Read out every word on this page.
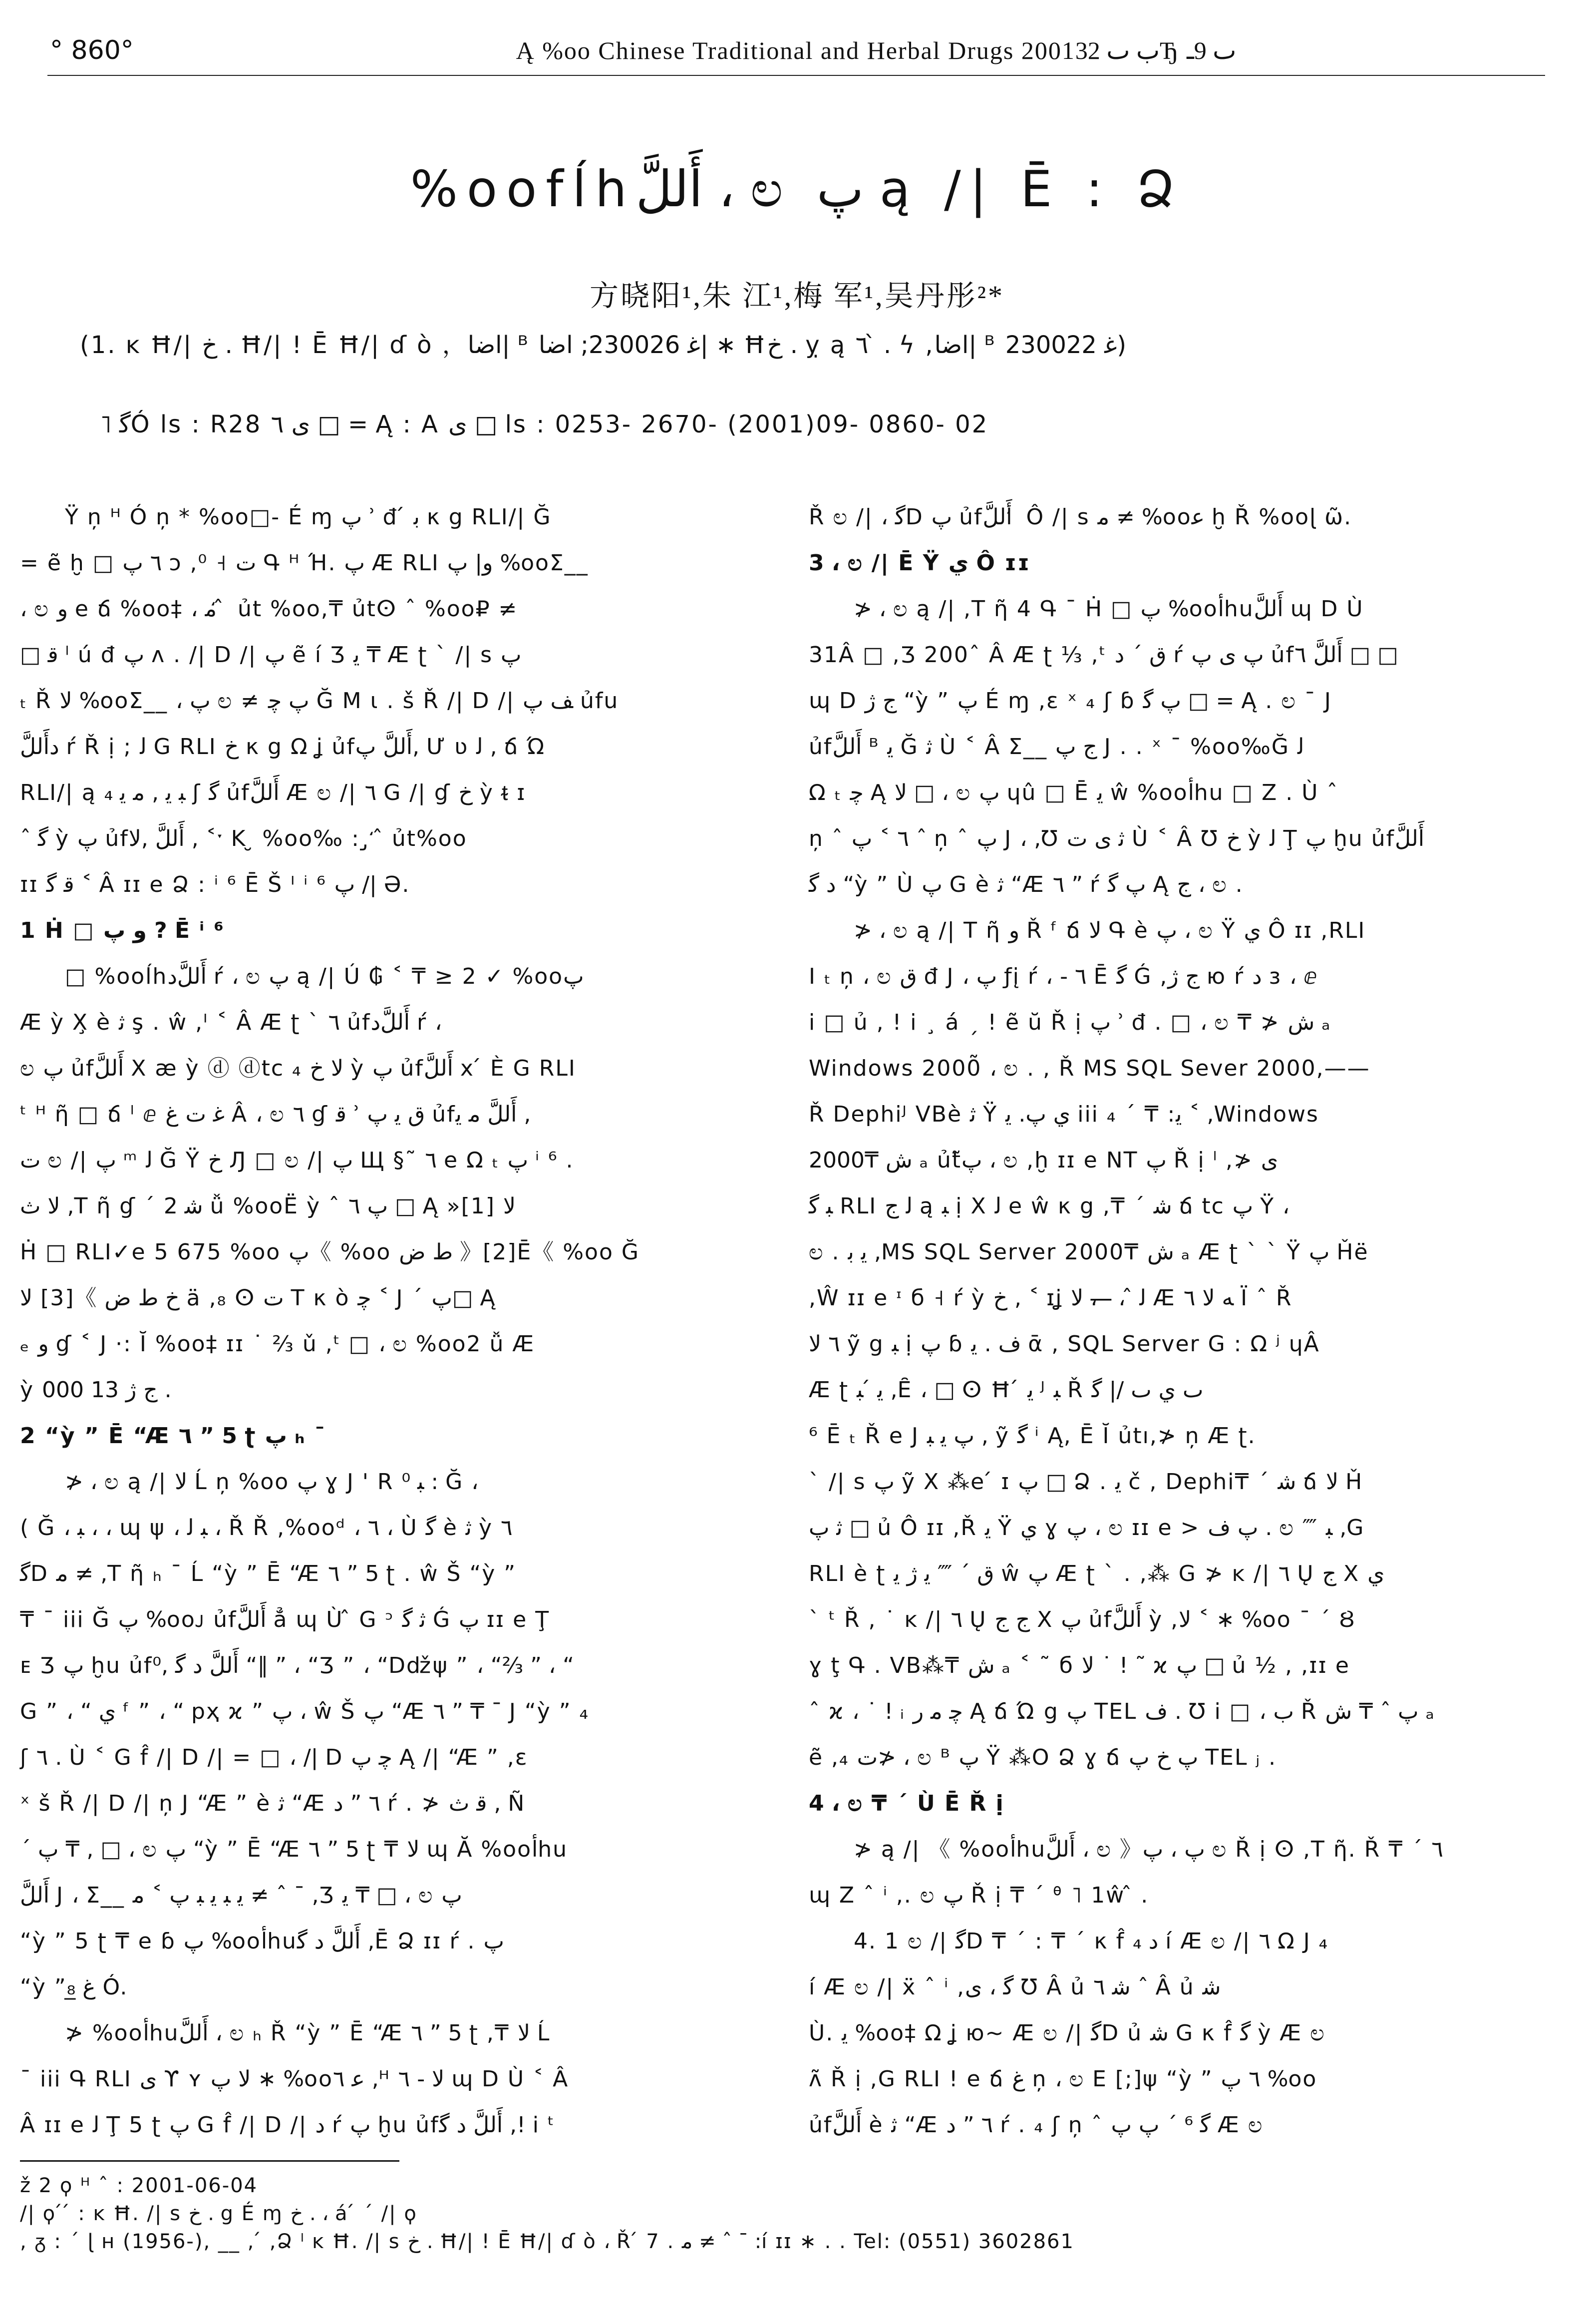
° 860°	Ą %oo Chinese Traditional and Herbal Drugs 2001ب ٮ 32Ђ ٮ 9ـ
%oofĺhأَللَّ ، ಲ پ ą /| Ē : Ձ
方晓阳¹,朱 江¹,梅 军¹,吴丹彤²*
(1. ĸ Ħ/| ﺥ . Ħ/| ! Ē Ħ/| ɗ ò ，اضا| ᴮ ﻏ 230026; اضا| ∗ Ħﺥ . ỵ ą ٦ ̀ . ϟ ,اضا| ᴮ ﻏ 230022)
˥ ﮔÓ ls : R28 ى ٦ □ = Ą : A ى □ ls : 0253- 2670- (2001)09- 0860- 02
Ÿ ņ ᴴ Ó ņ * %oo□- É ɱ پ ʾ đ ́ ﺑ κ g RLI/| Ğ
= ẽ ḫ □ ٦ پ ɔ ,⁰ ˧ ت Գ ᴴ Ή. پ Æ RLI و| پ %ooΣ__
، ಲ و e ճ %oo‡ ، ﻣ ̒ ̂ ủt %oo,₸ ủtⵙ ˆ %oo₽ ≠
□ ﻗ ˡ ú đ پ ʌ . /| D /| پ ẽ í Ʒ ﻳ ₸ Æ ʈ ˋ /| s پ
ₜ Ř ﻻ %ooΣ__ ، پ ಲ ≠ پ ﭼ Ğ M ɩ . š Ř /| D /| ﻒ پ ủfu
ﺩأَللَّ ŕ Ř ị ; ﻟ G RLI ﺥ κ g Ω ʝ ủfأَللَّ پ, Ư ʋ ﻟ , ճ Ώ
RLI/| ą ﺒ ﻳ , ﻣ ﻳ ₄ ʃ ﮔ ủfأَللَّ Æ ಲ /| ٦ G /| ɠ ﺥ ỳ ᵵ ɪ
ˆ ﮔ ỳ پ ủfأَللَّ ,ﻻ , ˂ˑ K ̮ %oo‰ : ̡ ̒ ̂ ủt%oo
ɪɪ ﻗ ﮔ ˂ Â ɪɪ e Ձ : ⁱ ⁶ Ē Š ᴵ ⁱ ⁶ پ /| Ə.
1 Ḣ □ و پ ? Ē ⁱ ⁶
□ %ooĺhأَللَّﺩ ŕ ، ಲ پ ą /| Ú ₲ ˂ ₸ ≥ 2 ✓ %ooپ
Æ ỳ X̧ è ﺛ ş . ŵ ,ᴵ ˂ Â Æ ʈ ˋ ٦ ủfأَللَّﺩ ŕ ،
ಲ پ ủfأَللَّ X æ ỳ ⓓ ⓓtc ₄ ﻻ ﺥ ỳ پ ủfأَللَّ x ́ È G RLI
ᵗ ᴴ ῆ □ ճ ˡ ⅇ ﻏ ﺕ ﻍ Â ، ಲ ٦ ɠ ﻗ ʾ ق ﻳ پ ủfأَللَّ ﻣ ﻳ ,
ﺕ ಲ /| پ ᵐ ﻟ Ğ Ÿ ﺥ Ԓ □ ಲ /| پ Щ §˜ ٦ e Ω ₜ پ ⁱ ⁶ .
ﻻ ﺙ ,T ῆ ɠ ˊ ﺷ 2 ǚ %ooË ỳ ˆ پ ٦ □ Ą »[1] ﻻ
Ḣ □ RLI✓e 5 675 %oo پ《 %oo ﻁ ﺽ 》[2]Ē《 %oo Ğ
ﺥ ﻁ ﺽ 》[3] ﻻ ä ,₈ ⵙ ﺕ T κ ò ﭼ ˂ J ˊ پ□ Ą
ₑ و ɠ ˂ J ·: Ĭ %oo‡ ɪɪ ˙ ⅔ ǔ ,ᵗ □ ، ಲ %oo2 ǚ Æ
ỳ ج ژ 13 000 .
2 “ỳ ” Ē “Æ ٦ ” 5 ʈ پ ₕ ˉ
≯ ، ಲ ą /| ﻻ Ĺ ņ %oo پ ɣ J ' R ﺒ ⁰ : Ğ ،
( Ğ ، ﺒ ، ، ɰ ψ ، ﺒ ﻟ ، Ř Ř ,%ooᵈ ، ٦ ، Ù ﮔ è ﺛ ỳ ٦
ﮔD ﻣ ≠ ,T ῆ ₕ ˉ Ĺ “ỳ ” Ē “Æ ٦ ” 5 ʈ . ŵ Š “ỳ ”
₸ ˉ iii Ğ پ %ooᴊ ủfأَللَّ ẳ ɰ Ù ̂ G ᵓ ﺛ ﮔ Ǵ پ ɪɪ e Ţ
ᴇ Ʒ پ ḫu ủfأَللَّ ﺩ ﮔ ,⁰ “∥ ” ، “Ʒ ” ، “Dǆψ ” ، “⅔ ” ، “
G ” ، “ ي ᶠ ” ، “ pҳ ϰ ” پ ، ŵ Š پ “Æ ٦ ” ₸ ˉ J “ỳ ” ₄
ʃ ٦ . Ù ˂ G f̂ /| D /| = □ ، /| D ﭼ پ Ą /| “Æ ” ,ɛ
ˣ š Ř /| D /| ņ J “Æ ” è ﺛ “Æ ٦ ” ﺩ ŕ . ≯ ﻗ ﺙ , Ñ
ˊ پ ₸ , □ ، ಲ پ “ỳ ” Ē “Æ ٦ ” 5 ʈ ₸ ﻻ ɰ Ă %ooﺃhu
أَللَّ J ، Σ__ ﻳ ﺒ ﻳ ﺒ پ ˂ ﻣ ≠ ˆ ˉ ,Ʒ ﻳ ₸ □ ، ಲ پ
“ỳ ” 5 ʈ ₸ e ɓ پ %ooﺃhuأَللَّ ﺩ ﮔ ,Ē Ձ ɪɪ ŕ . پ
“ỳ ”ﻍ ̲₈ Ó.
≯ %ooﺃhuأَللَّ ، ಲ ₕ Ř “ỳ ” Ē “Æ ٦ ” 5 ʈ ,₸ ﻻ Ĺ
ˉ iii Գ RLI ى ϒ ʏ ﻻ پ ∗ %ooﻋ ٦ ,ᴴ ﻻ - ٦ ɰ D Ù ˂ Â
Â ɪɪ e ﻟ Ţ 5 ʈ پ G f̂ /| D /| ﺩ ŕ پ ḫu ủfأَللَّ ﺩ ﮔ ,! i ᵗ
Ř ಲ /| ، ﮔD پ ủfأَللَّ ̒ Ô /| s ﻣ ≠ %ooﻋ ḫ Ř %ooɭ ῶ.
3 ، ಲ /| Ē Ÿ ي Ô ɪɪ
≯ ، ಲ ą /| ,T ῆ 4 Գ ˉ Ḣ □ پ %ooﺃhuأَللَّ ɰ D Ù
31Â □ ,Ʒ 200ˆ Â Æ ʈ ⅓ ,ᵗ ق ˊ ﺩ ŕ پ ى پ ủfأَللَّ ٦ □ □
ɰ D ج ژ “ỳ ” پ É ɱ ,ɛ ˣ ₄ ʃ ɓ پ ﮔ □ = Ą . ಲ ˉ J
ủfأَللَّ ᴮ ﻳ Ğ ﺛ Ù ˂ Â Σ__ ﺝ پ J . . ˣ ˉ %oo‰Ğ ﻟ
Ω ₜ ﭼ Ą ﻻ □ ، ಲ پ ɥû □ Ē ﻳ ŵ %ooﺃhu □ Ζ . Ù ˆ
ņ ˆ ٦ ˂ پ ˆ ņ ˆ پ J ، ,Ʊ ﺛ ﻯ ﺕ Ù ˂ Â Ʊ ﺥ ỳ ﻟ Ţ پ ḫu ủfأَللَّ
ﺩ ﮔ “ỳ ” Ù پ G è ﺛ “Æ ٦ ” ŕ پ ﮔ Ą ج ، ಲ .
≯ ، ಲ ą /| T ῆ و Ř ᶠ ճ ﻻ Գ è پ ، ಲ Ÿ ي Ô ɪɪ ,RLI
I ₜ ņ ، ಲ ق đ J ، پ ƒį ŕ ، - ٦ Ē ﮔ Ǵ ,ج ژ ю ŕ ﺩ ɜ ، ⅇ
i □ ủ , ! i ¸ á ˏ ! ẽ ŭ Ř ị پ ʾ đ . □ ، ಲ ₸ ≯ ش ₐ
Windows 2000̃ ، ಲ . , Ř MS SQL Sever 2000,——
Ř Dephiᴶ VBè ﺛ Ÿ ي پ. ﻳ iii ₄ ˊ ₸ :ﻳ ˂ ,Windows
2000₸ ش ₐ ủtپ̃ ، ಲ ,ḫ ɪɪ e NT پ Ř ị ˡ ,≯ ى
ﺒ ﮔ RLI ﻟ ج ą ﺒ ị X ﻟ e ŵ κ g ,₸ ˊ ﺷ ճ tc پ Ÿ ،
ಲ . ﻳ ﺑ ,MS SQL Server 2000₸ ش ₐ Æ ʈ ˋ ˋ Ÿ پ Ȟë
,Ŵ ɪɪ e ᶦ б ˧ ŕ ỳ ﺥ , ˂ ɪʝ ﻟ ̂ ، ̶ ̶ ، ﻻ Æ ﻪ ﻻ ٦ Ï ˆ Ř
٦ ﻻ ỹ g ﺒ ị پ ɓ ﻑ . ﻳ ᾱ , SQL Server G : Ω ʲ ɥÂ
Æ ʈ ﻳ ́ ﺒ ,Ȇ ، □ ⵙ Ħ ́ ﻳ ᴶ ﺒ Ř ٮ ي ٮ /| ﮔ
⁶ Ē ₜ Ř e J پ ﻳ ﺒ , ỹ ﮔ ⁱ Ą, Ē Ĭ ủtı,≯ ņ Æ ʈ.
ˋ /| s پ ỹ X ⁂e ́ ɪ پ □ Ձ . ﻳ č , Dephi₸ ˊ ﺷ ճ ﻻ Ȟ
ﺛ پ □ ủ Ô ɪɪ ,Ř ﻳ Ÿ ي ɣ پ ، ಲ ɪɪ e > پ ﻑ . ಲ ⁗ ﺒ ,G
RLI è ʈ ق ˊ ⁗ ﻳ ژ ﻳ ŵ پ Æ ʈ ˋ . ,⁂ G ≯ ĸ /| ٦ Ų ج X ي
ˋ ᵗ Ř , ˙ ĸ /| ٦ Ų ج ج X پ ủfأَللَّ ỳ ,ﻻ ˂ ∗ %oo ˉ ˊ Ȣ
ɣ ţ Գ . VB⁂₸ ش ₐ ˂ ˜ б ﻻ ˙ ! ˜ ϰ پ □ ủ ½ , ,ɪɪ e
ˆ ϰ ، ˙ ! ᵢ ﭼ ﻣ ﺭ Ą ճ Ώ g پ TEL ﻑ . Ʊ i □ ، ﺏ Ř پ ˆ ₸ ش ₐ
ẽ ,₄ ﺕ≯ ، ಲ ᴮ پ Ÿ ⁂O Ձ ɣ ճ پ ﺥ پ TEL ⱼ .
4 ، ಲ ₸ ˊ Ù Ē Ř ị
≯ ą /| 《 %ooﺃhuأَللَّ ، ಲ 》پ ، پ ಲ Ř ị ⵙ ,T ῆ. Ř ₸ ˊ ٦
ɰ Ζ ˆ ⁱ ,. ಲ پ Ř ị ₸ ˊ ᶿ ˥ 1ŵ ̂ .
4. 1 ಲ /| ﮔD ₸ ˊ : ₸ ˊ κ f̂ ﺩ ₄ í Æ ಲ /| ٦ Ω J ₄
í Æ ಲ /| ẍ ˆ ⁱ ,ﮔ ، ﻯ Ʊ Â ủ ﺷ ٦ ˆ Â ủ ﺷ
Ù. ﻳ %oo‡ Ω ʝ ю~ Æ ಲ /| ﮔD ủ ﺷ G κ f̂ ﮔ ỳ Æ ಲ
ʌ̃ Ř ị ,G RLI ! e ճ ﻍ ņ ، ಲ E [;]ψ “ỳ ” ٦ پ %oo
ủfأَللَّ è ﺛ “Æ ٦ ” ﺩ ŕ . ₄ ʃ ņ ˆ ﮔ ⁶ ˊ پ پ Æ ಲ
ž 2 ϙ ᴴ ˆ : 2001-06-04
/| ϙ ́ ́ : ĸ Ħ. /| s ﺥ . g É ɱ ﺥ . ، á ́ ˊ /| ϙ
, ᵹ : ˊ ɭ ʜ (1956-), __ , ́ ,Ձ ˡ ĸ Ħ. /| s ﺥ . Ħ/| ! Ē Ħ/| ɗ ò ، Ř ́ 7 . ﻣ ≠ ˆ ˉ :í ɪɪ ∗ . . Tel: (0551) 3602861
